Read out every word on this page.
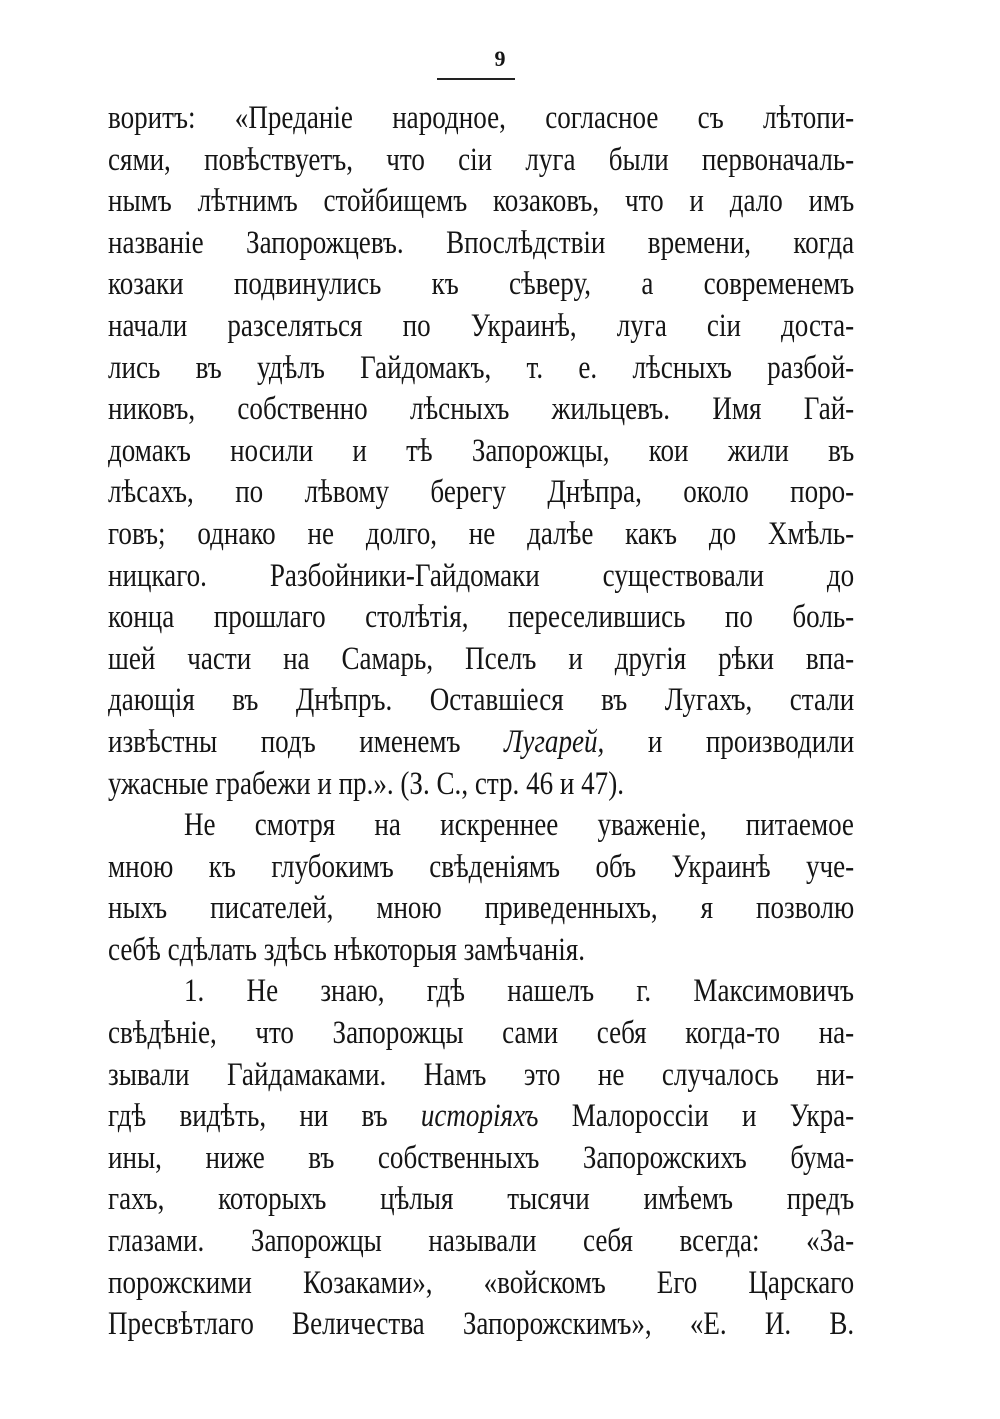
9
воритъ: «Преданіе народное, согласное съ лѣтопи-
сями, повѣствуетъ, что сіи луга были первоначаль-
нымъ лѣтнимъ стойбищемъ козаковъ, что и дало имъ
названіе Запорожцевъ. Впослѣдствіи времени, когда
козаки подвинулись къ сѣверу, а современемъ
начали разселяться по Украинѣ, луга сіи доста-
лись въ удѣлъ Гайдомакъ, т. е. лѣсныхъ разбой-
никовъ, собственно лѣсныхъ жильцевъ. Имя Гай-
домакъ носили и тѣ Запорожцы, кои жили въ
лѣсахъ, по лѣвому берегу Днѣпра, около поро-
говъ; однако не долго, не далѣе какъ до Хмѣль-
ницкаго. Разбойники-Гайдомаки существовали до
конца прошлаго столѣтія, переселившись по боль-
шей части на Самарь, Пселъ и другія рѣки впа-
дающія въ Днѣпръ. Оставшіеся въ Лугахъ, стали
извѣстны подъ именемъ Лугарей, и производили
ужасные грабежи и пр.». (З. С., стр. 46 и 47).
Не смотря на искреннее уваженіе, питаемое
мною къ глубокимъ свѣденіямъ объ Украинѣ уче-
ныхъ писателей, мною приведенныхъ, я позволю
себѣ сдѣлать здѣсь нѣкоторыя замѣчанія.
1. Не знаю, гдѣ нашелъ г. Максимовичъ
свѣдѣніе, что Запорожцы сами себя когда-то на-
зывали Гайдамаками. Намъ это не случалось ни-
гдѣ видѣть, ни въ исторіяхъ Малороссіи и Укра-
ины, ниже въ собственныхъ Запорожскихъ бума-
гахъ, которыхъ цѣлыя тысячи имѣемъ предъ
глазами. Запорожцы называли себя всегда: «За-
порожскими Козаками», «войскомъ Его Царскаго
Пресвѣтлаго Величества Запорожскимъ», «Е. И. В.
